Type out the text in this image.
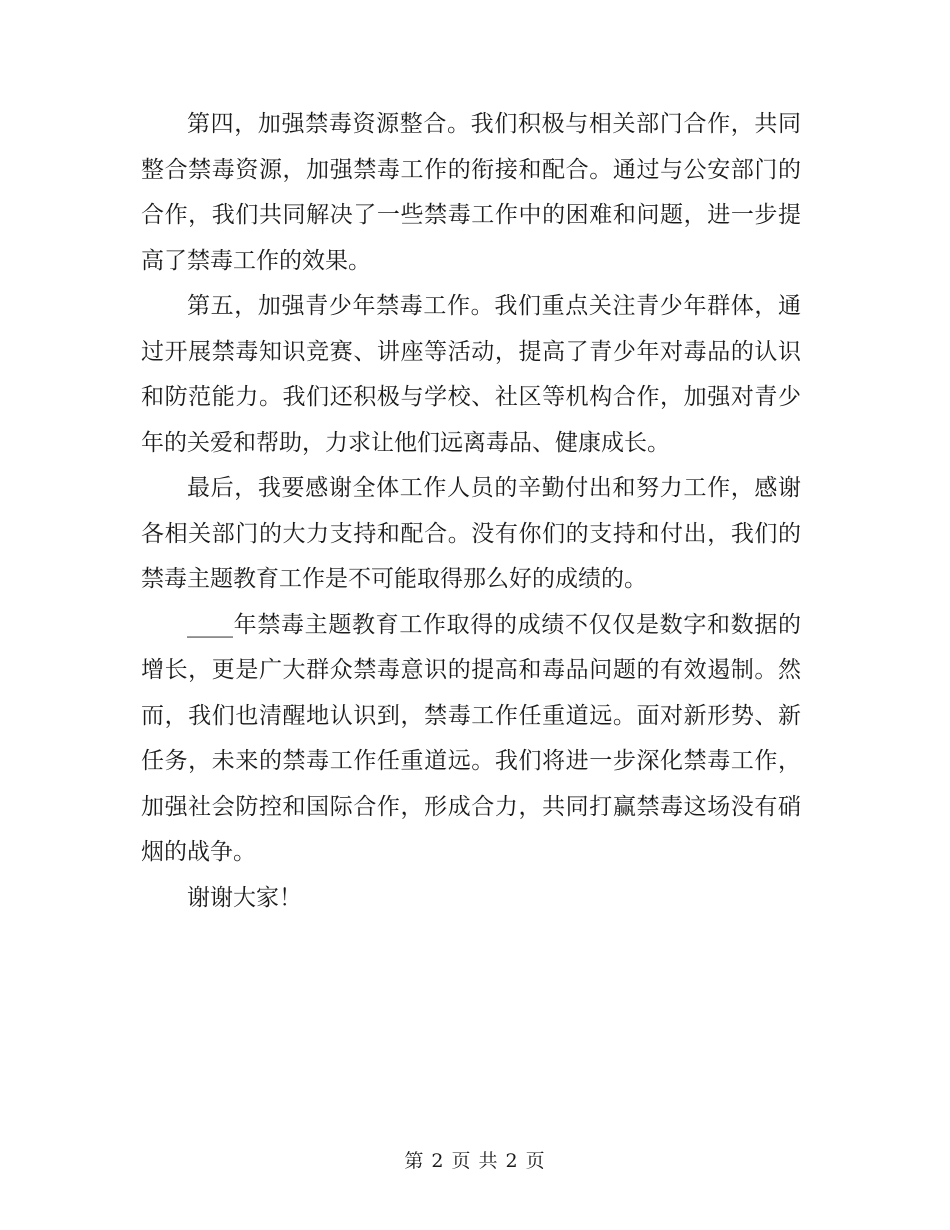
第四，加强禁毒资源整合。我们积极与相关部门合作，共同整合禁毒资源，加强禁毒工作的衔接和配合。通过与公安部门的合作，我们共同解决了一些禁毒工作中的困难和问题，进一步提高了禁毒工作的效果。

第五，加强青少年禁毒工作。我们重点关注青少年群体，通过开展禁毒知识竞赛、讲座等活动，提高了青少年对毒品的认识和防范能力。我们还积极与学校、社区等机构合作，加强对青少年的关爱和帮助，力求让他们远离毒品、健康成长。

最后，我要感谢全体工作人员的辛勤付出和努力工作，感谢各相关部门的大力支持和配合。没有你们的支持和付出，我们的禁毒主题教育工作是不可能取得那么好的成绩的。

____年禁毒主题教育工作取得的成绩不仅仅是数字和数据的增长，更是广大群众禁毒意识的提高和毒品问题的有效遏制。然而，我们也清醒地认识到，禁毒工作任重道远。面对新形势、新任务，未来的禁毒工作任重道远。我们将进一步深化禁毒工作，加强社会防控和国际合作，形成合力，共同打赢禁毒这场没有硝烟的战争。

谢谢大家！

第 2 页 共 2 页
